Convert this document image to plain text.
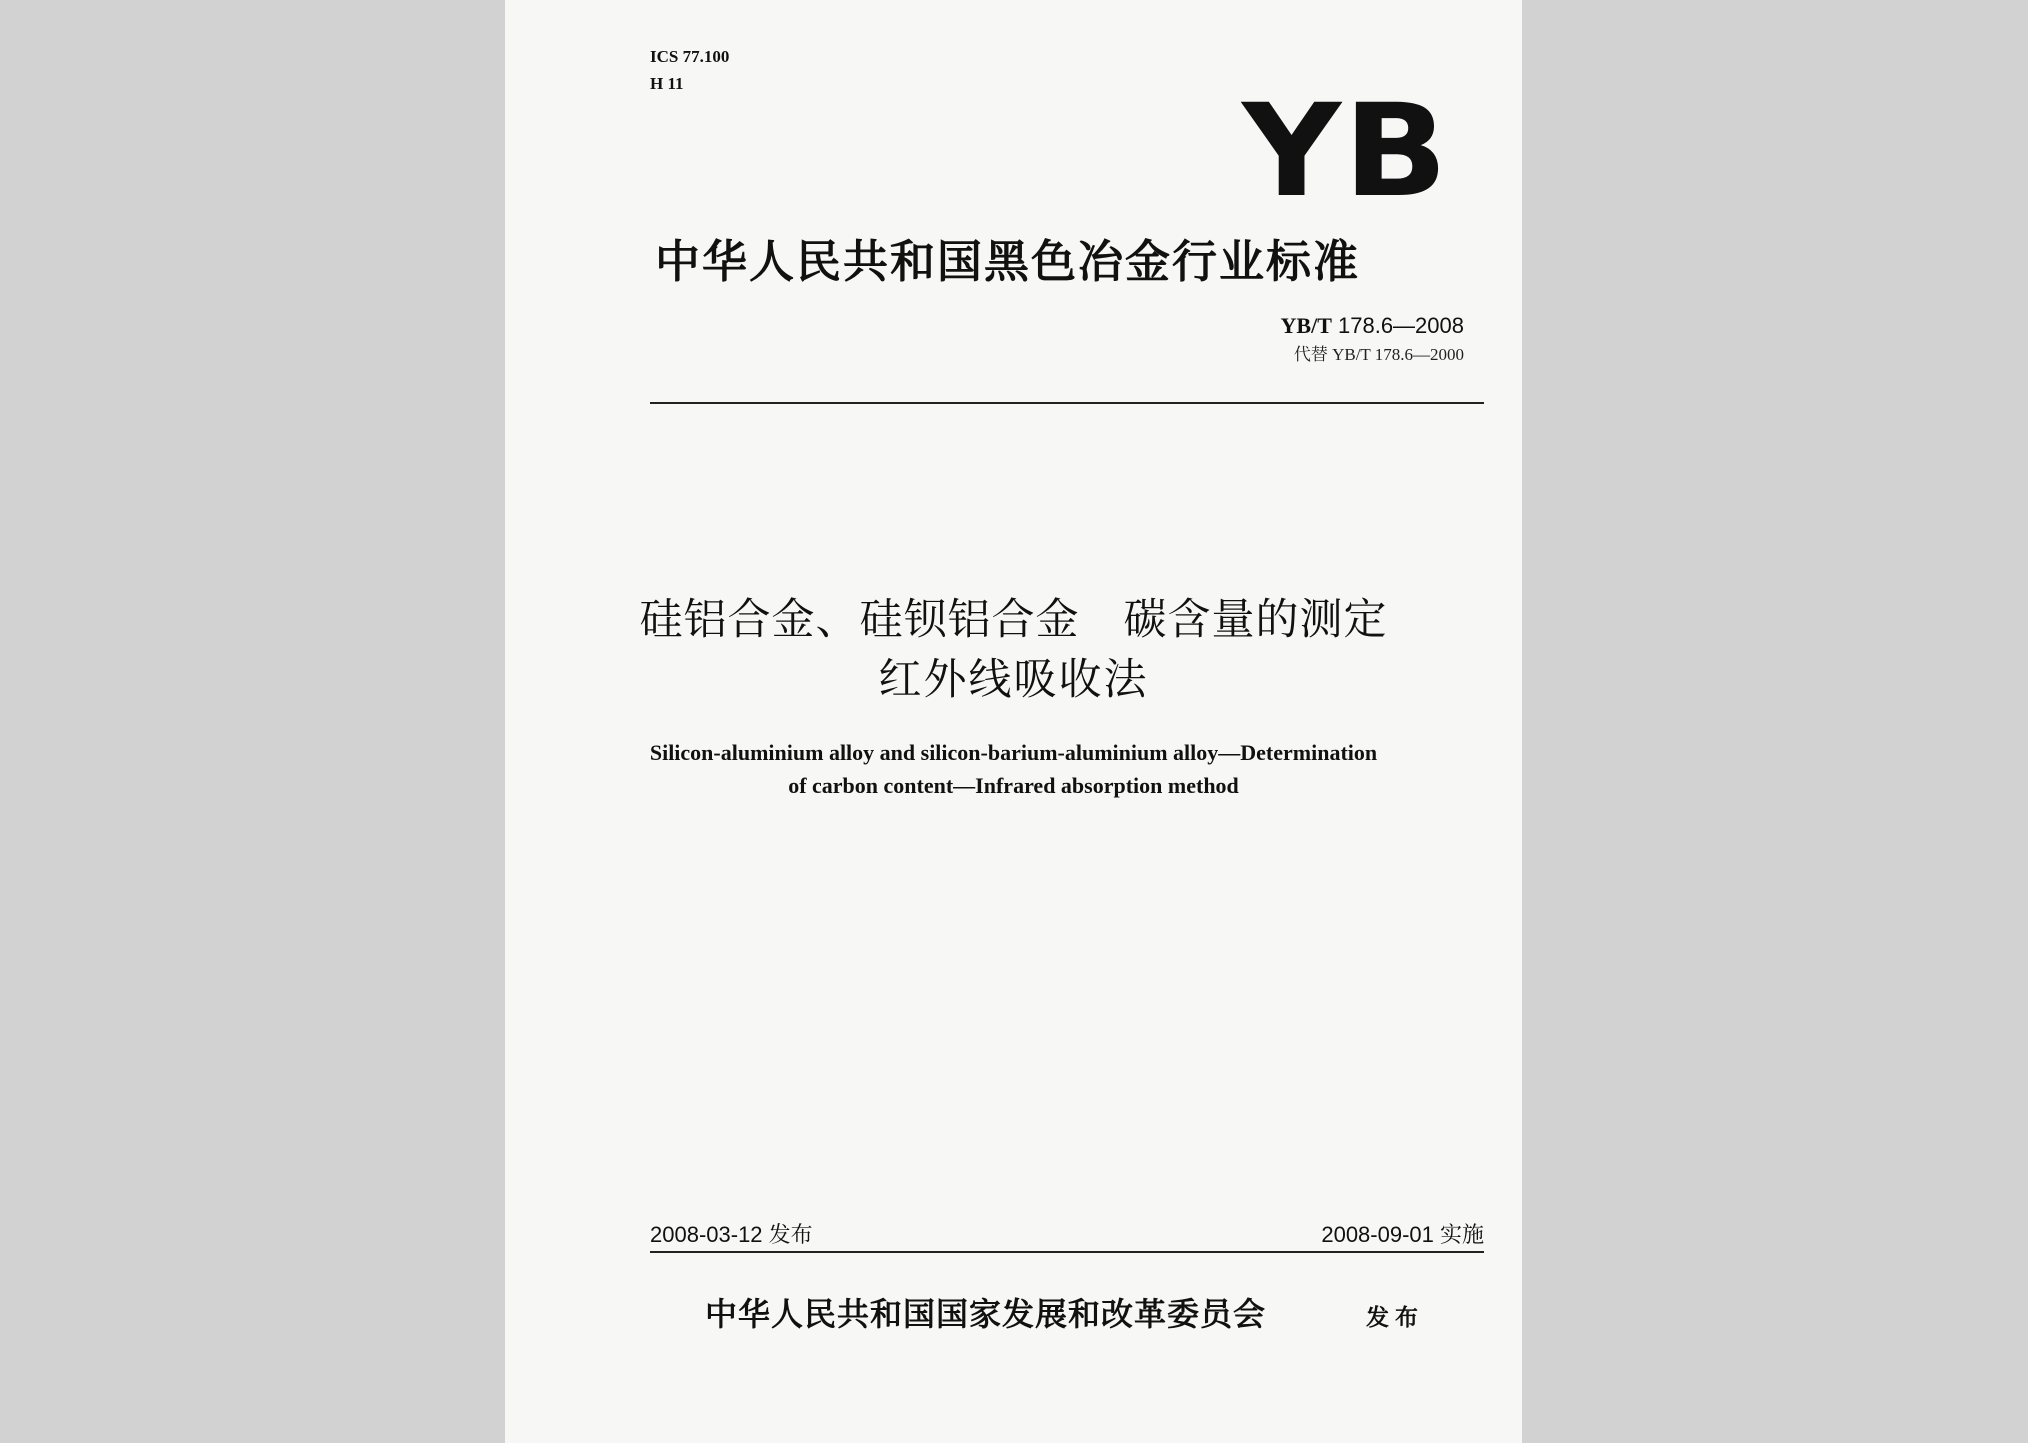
ICS 77.100
H 11	YB
中华人民共和国黑色冶金行业标准
YB/T 178.6—2008
代替 YB/T 178.6—2000
硅铝合金、硅钡铝合金　碳含量的测定
红外线吸收法
Silicon-aluminium alloy and silicon-barium-aluminium alloy—Determination
of carbon content—Infrared absorption method
2008-03-12 发布	2008-09-01 实施
中华人民共和国国家发展和改革委员会	发布
